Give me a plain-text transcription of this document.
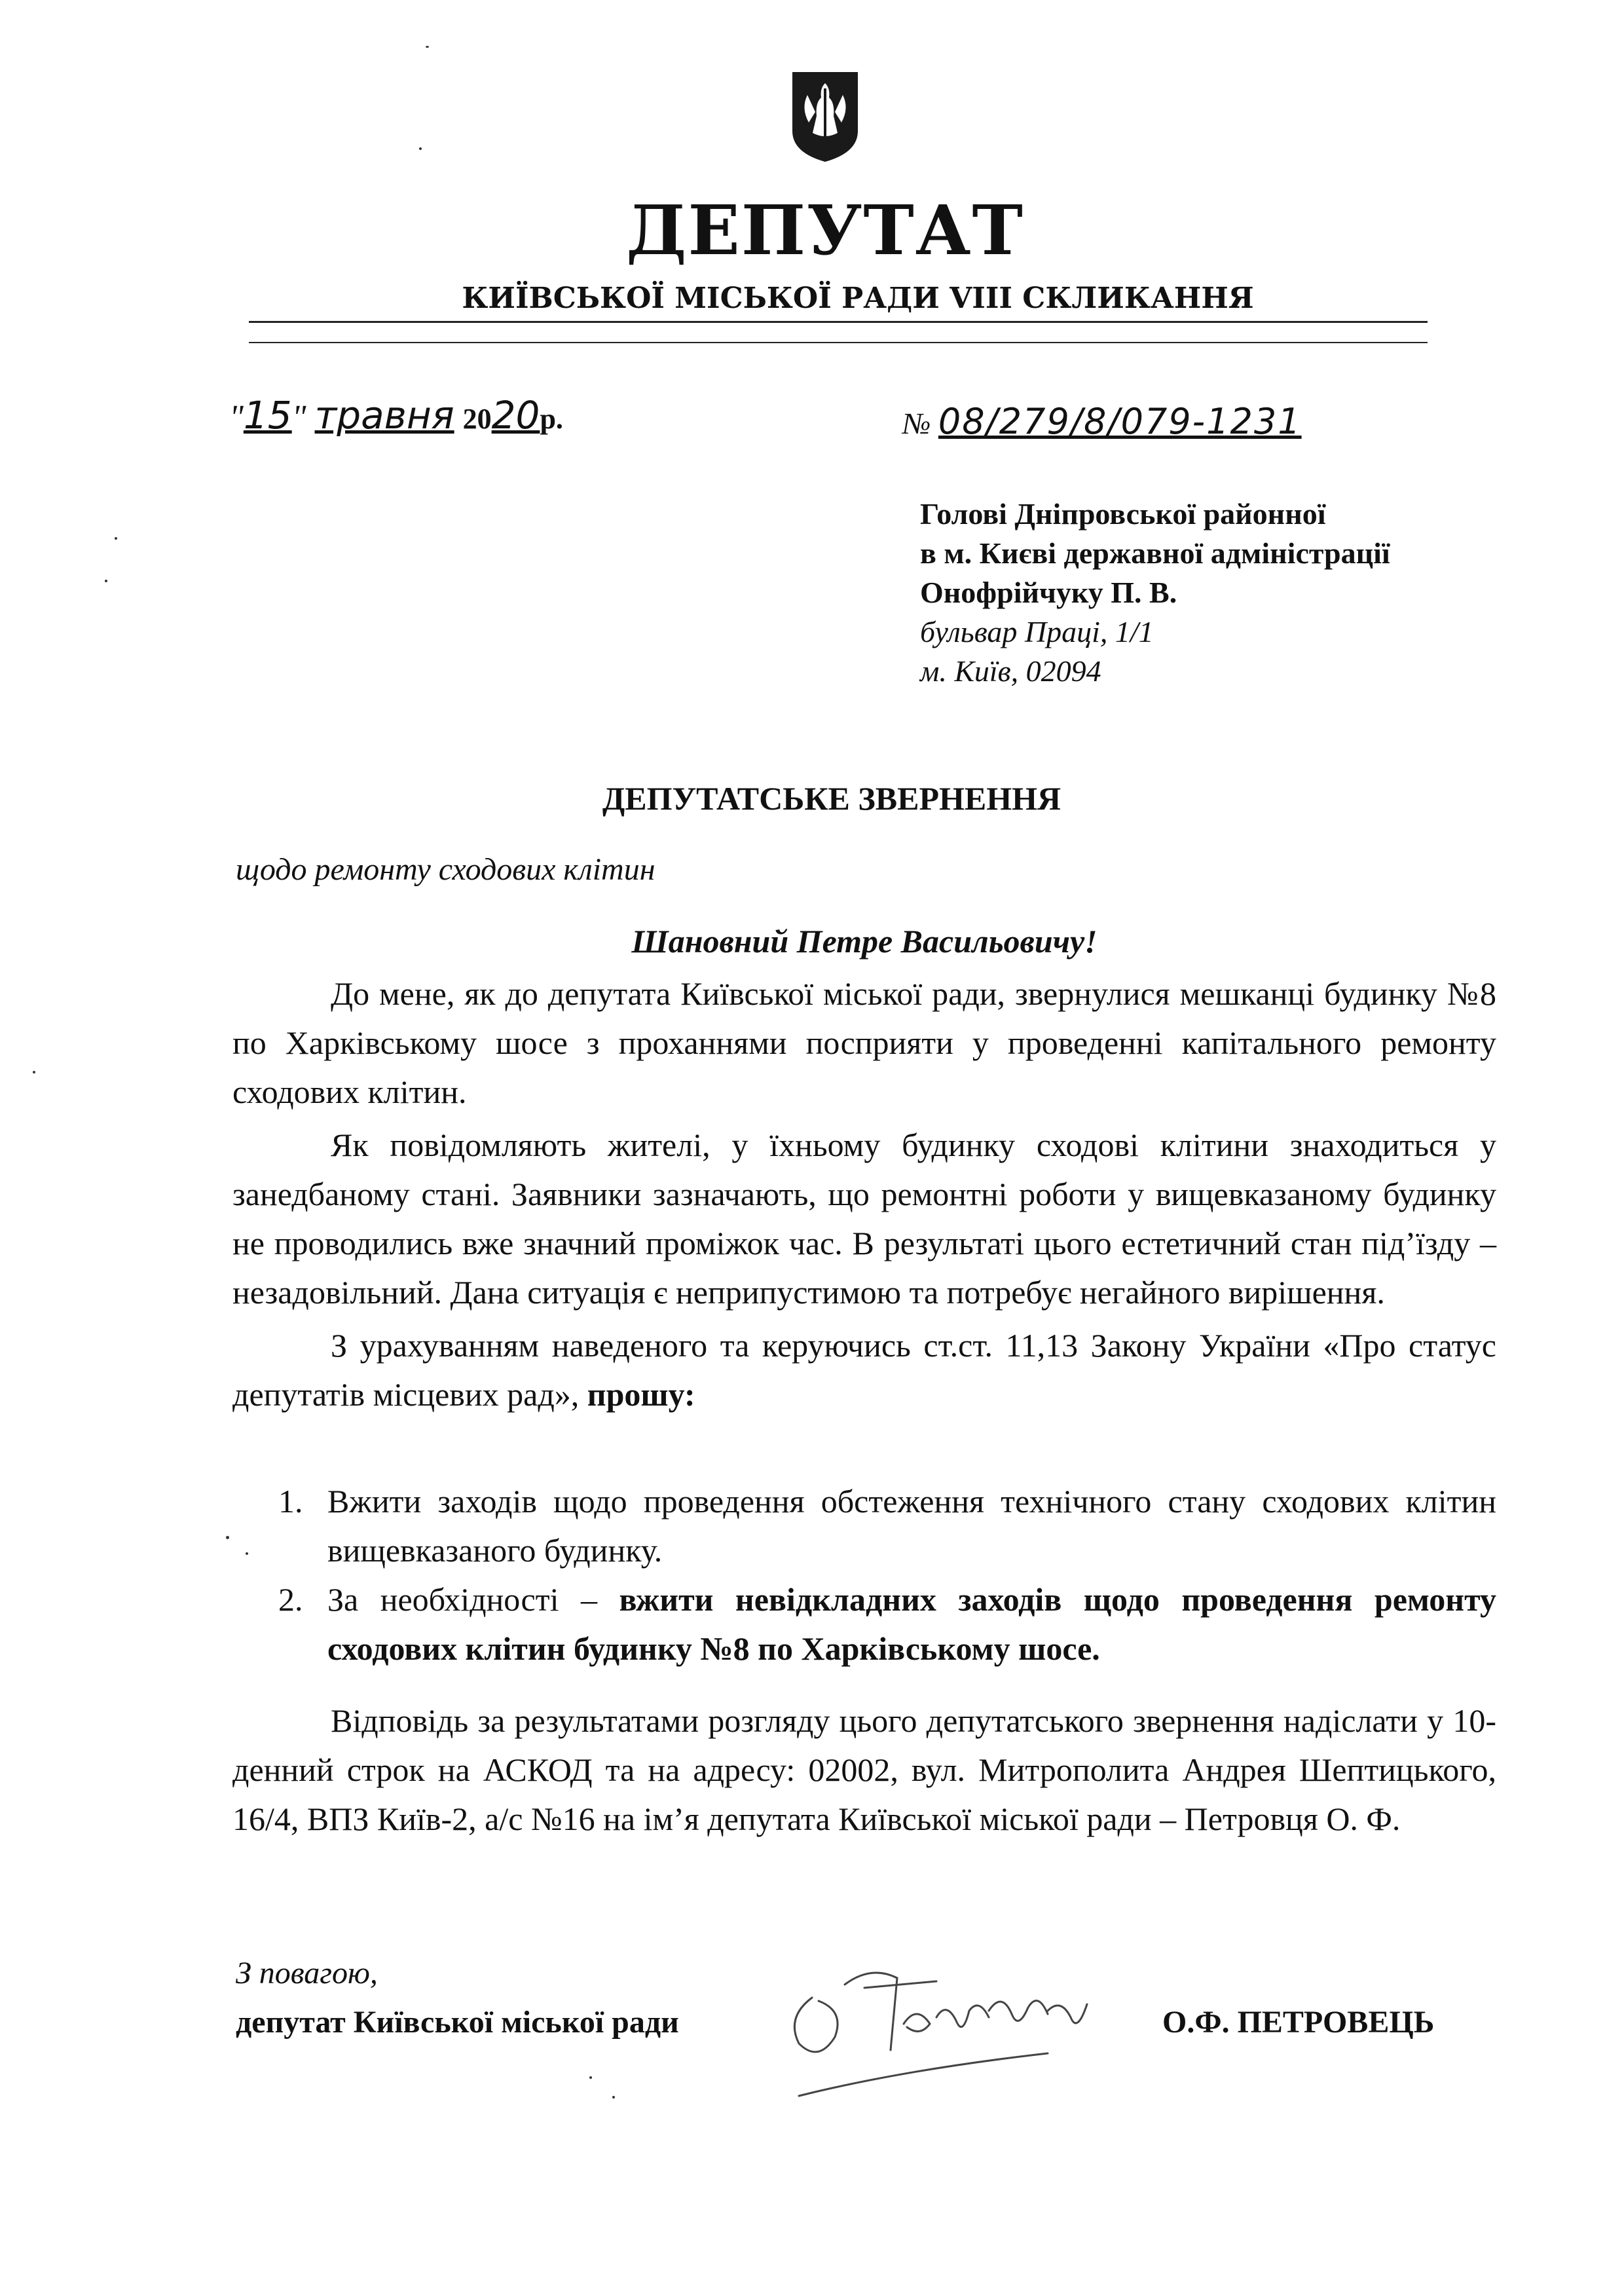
ДЕПУТАТ
КИЇВСЬКОЇ МІСЬКОЇ РАДИ VIII СКЛИКАННЯ
"15" травня 2020р.	№ 08/279/8/079-1231
Голові Дніпровської районної
в м. Києві державної адміністрації
Онофрійчуку П. В.
бульвар Праці, 1/1
м. Київ, 02094
ДЕПУТАТСЬКЕ ЗВЕРНЕННЯ
щодо ремонту сходових клітин
Шановний Петре Васильовичу!

До мене, як до депутата Київської міської ради, звернулися мешканці будинку №8 по Харківському шосе з проханнями посприяти у проведенні капітального ремонту сходових клітин.

Як повідомляють жителі, у їхньому будинку сходові клітини знаходиться у занедбаному стані. Заявники зазначають, що ремонтні роботи у вищевказаному будинку не проводились вже значний проміжок час. В результаті цього естетичний стан під’їзду – незадовільний. Дана ситуація є неприпустимою та потребує негайного вирішення.

З урахуванням наведеного та керуючись ст.ст. 11,13 Закону України «Про статус депутатів місцевих рад», прошу:

1. Вжити заходів щодо проведення обстеження технічного стану сходових клітин вищевказаного будинку.
2. За необхідності – вжити невідкладних заходів щодо проведення ремонту сходових клітин будинку №8 по Харківському шосе.

Відповідь за результатами розгляду цього депутатського звернення надіслати у 10-денний строк на АСКОД та на адресу: 02002, вул. Митрополита Андрея Шептицького, 16/4, ВПЗ Київ-2, а/с №16 на ім’я депутата Київської міської ради – Петровця О. Ф.

З повагою,
депутат Київської міської ради	О.Ф. ПЕТРОВЕЦЬ
